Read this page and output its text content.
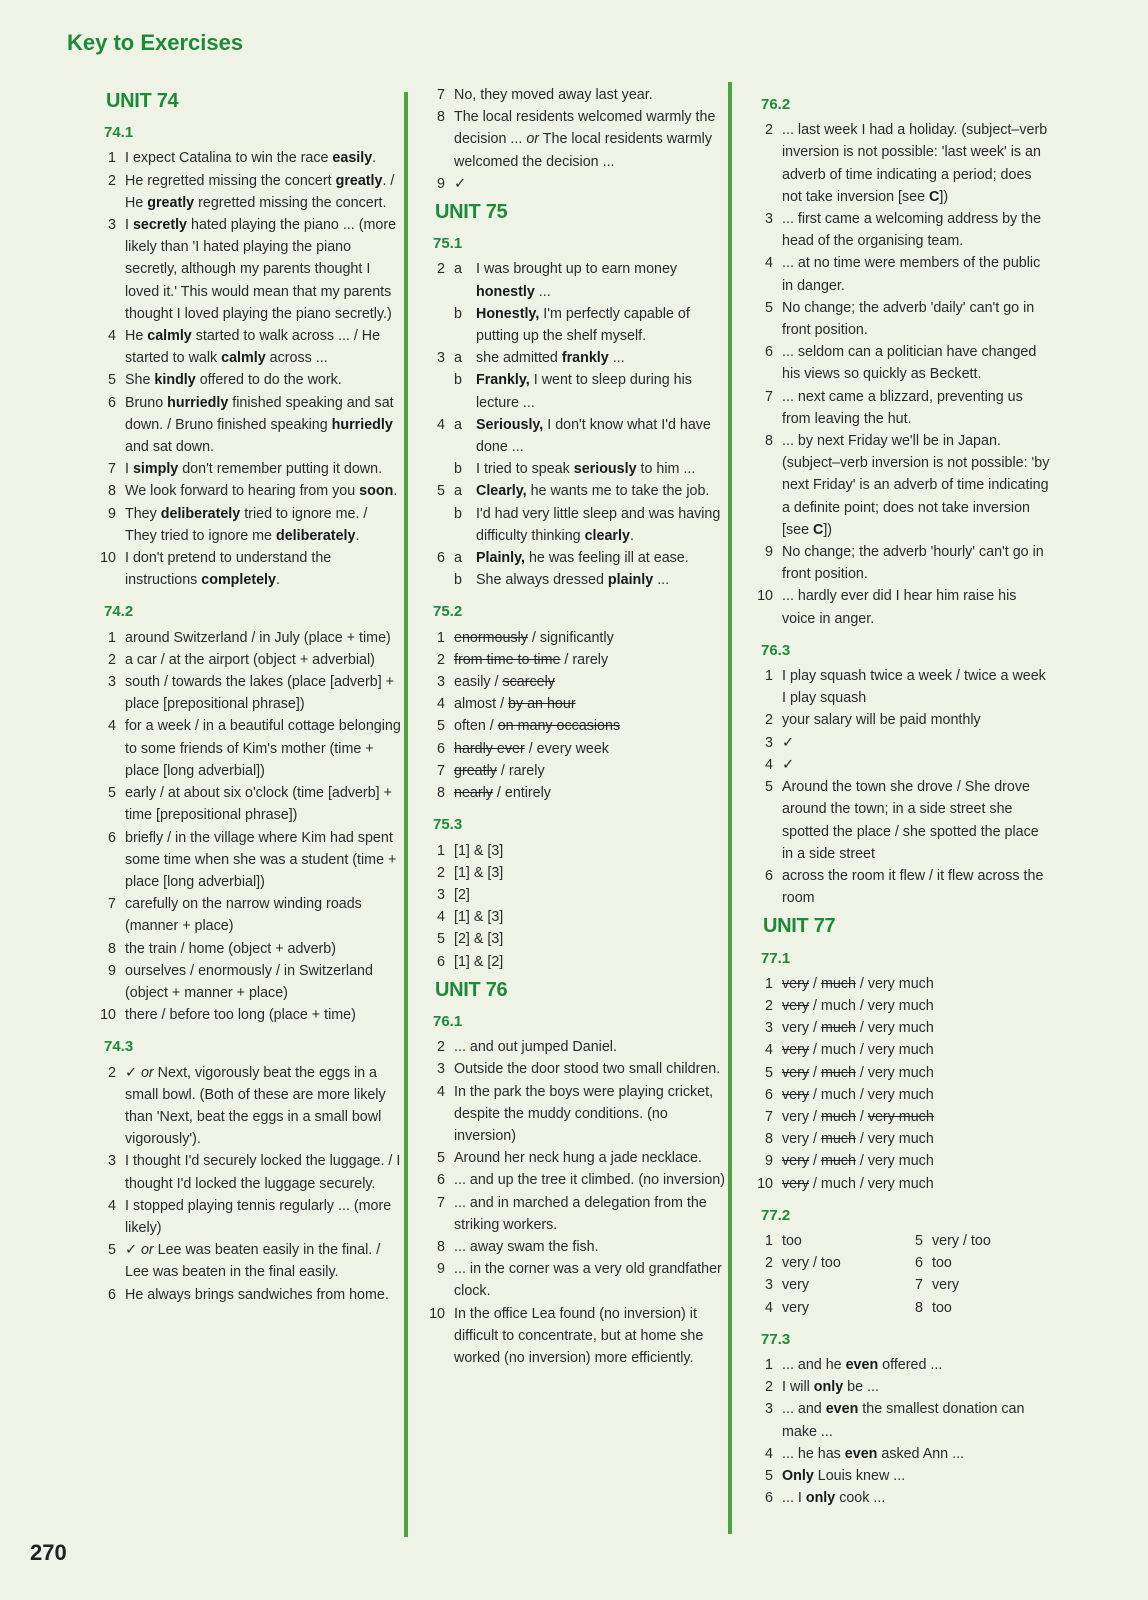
Key to Exercises
UNIT 74
74.1
1 I expect Catalina to win the race easily.
2 He regretted missing the concert greatly. / He greatly regretted missing the concert.
3 I secretly hated playing the piano ... (more likely than 'I hated playing the piano secretly, although my parents thought I loved it.' This would mean that my parents thought I loved playing the piano secretly.)
4 He calmly started to walk across ... / He started to walk calmly across ...
5 She kindly offered to do the work.
6 Bruno hurriedly finished speaking and sat down. / Bruno finished speaking hurriedly and sat down.
7 I simply don't remember putting it down.
8 We look forward to hearing from you soon.
9 They deliberately tried to ignore me. / They tried to ignore me deliberately.
10 I don't pretend to understand the instructions completely.
74.2
1 around Switzerland / in July (place + time)
2 a car / at the airport (object + adverbial)
3 south / towards the lakes (place [adverb] + place [prepositional phrase])
4 for a week / in a beautiful cottage belonging to some friends of Kim's mother (time + place [long adverbial])
5 early / at about six o'clock (time [adverb] + time [prepositional phrase])
6 briefly / in the village where Kim had spent some time when she was a student (time + place [long adverbial])
7 carefully on the narrow winding roads (manner + place)
8 the train / home (object + adverb)
9 ourselves / enormously / in Switzerland (object + manner + place)
10 there / before too long (place + time)
74.3
2 ✓ or Next, vigorously beat the eggs in a small bowl. (Both of these are more likely than 'Next, beat the eggs in a small bowl vigorously').
3 I thought I'd securely locked the luggage. / I thought I'd locked the luggage securely.
4 I stopped playing tennis regularly ... (more likely)
5 ✓ or Lee was beaten easily in the final. / Lee was beaten in the final easily.
6 He always brings sandwiches from home.
7 No, they moved away last year.
8 The local residents welcomed warmly the decision ... or The local residents warmly welcomed the decision ...
9 ✓
UNIT 75
75.1
2 a I was brought up to earn money honestly ...
b Honestly, I'm perfectly capable of putting up the shelf myself.
3 a she admitted frankly ...
b Frankly, I went to sleep during his lecture ...
4 a Seriously, I don't know what I'd have done ...
b I tried to speak seriously to him ...
5 a Clearly, he wants me to take the job.
b I'd had very little sleep and was having difficulty thinking clearly.
6 a Plainly, he was feeling ill at ease.
b She always dressed plainly ...
75.2
1 enormously / significantly
2 from time to time / rarely
3 easily / scarcely
4 almost / by an hour
5 often / on many occasions
6 hardly ever / every week
7 greatly / rarely
8 nearly / entirely
75.3
1 [1] & [3]
2 [1] & [3]
3 [2]
4 [1] & [3]
5 [2] & [3]
6 [1] & [2]
UNIT 76
76.1
2 ... and out jumped Daniel.
3 Outside the door stood two small children.
4 In the park the boys were playing cricket, despite the muddy conditions. (no inversion)
5 Around her neck hung a jade necklace.
6 ... and up the tree it climbed. (no inversion)
7 ... and in marched a delegation from the striking workers.
8 ... away swam the fish.
9 ... in the corner was a very old grandfather clock.
10 In the office Lea found (no inversion) it difficult to concentrate, but at home she worked (no inversion) more efficiently.
76.2
2 ... last week I had a holiday. (subject–verb inversion is not possible: 'last week' is an adverb of time indicating a period; does not take inversion [see C])
3 ... first came a welcoming address by the head of the organising team.
4 ... at no time were members of the public in danger.
5 No change; the adverb 'daily' can't go in front position.
6 ... seldom can a politician have changed his views so quickly as Beckett.
7 ... next came a blizzard, preventing us from leaving the hut.
8 ... by next Friday we'll be in Japan. (subject–verb inversion is not possible: 'by next Friday' is an adverb of time indicating a definite point; does not take inversion [see C])
9 No change; the adverb 'hourly' can't go in front position.
10 ... hardly ever did I hear him raise his voice in anger.
76.3
1 I play squash twice a week / twice a week I play squash
2 your salary will be paid monthly
3 ✓
4 ✓
5 Around the town she drove / She drove around the town; in a side street she spotted the place / she spotted the place in a side street
6 across the room it flew / it flew across the room
UNIT 77
77.1
1 very / much / very much
2 very / much / very much
3 very / much / very much
4 very / much / very much
5 very / much / very much
6 very / much / very much
7 very / much / very much
8 very / much / very much
9 very / much / very much
10 very / much / very much
77.2
1 too	5 very / too
2 very / too	6 too
3 very	7 very
4 very	8 too
77.3
1 ... and he even offered ...
2 I will only be ...
3 ... and even the smallest donation can make ...
4 ... he has even asked Ann ...
5 Only Louis knew ...
6 ... I only cook ...
270
